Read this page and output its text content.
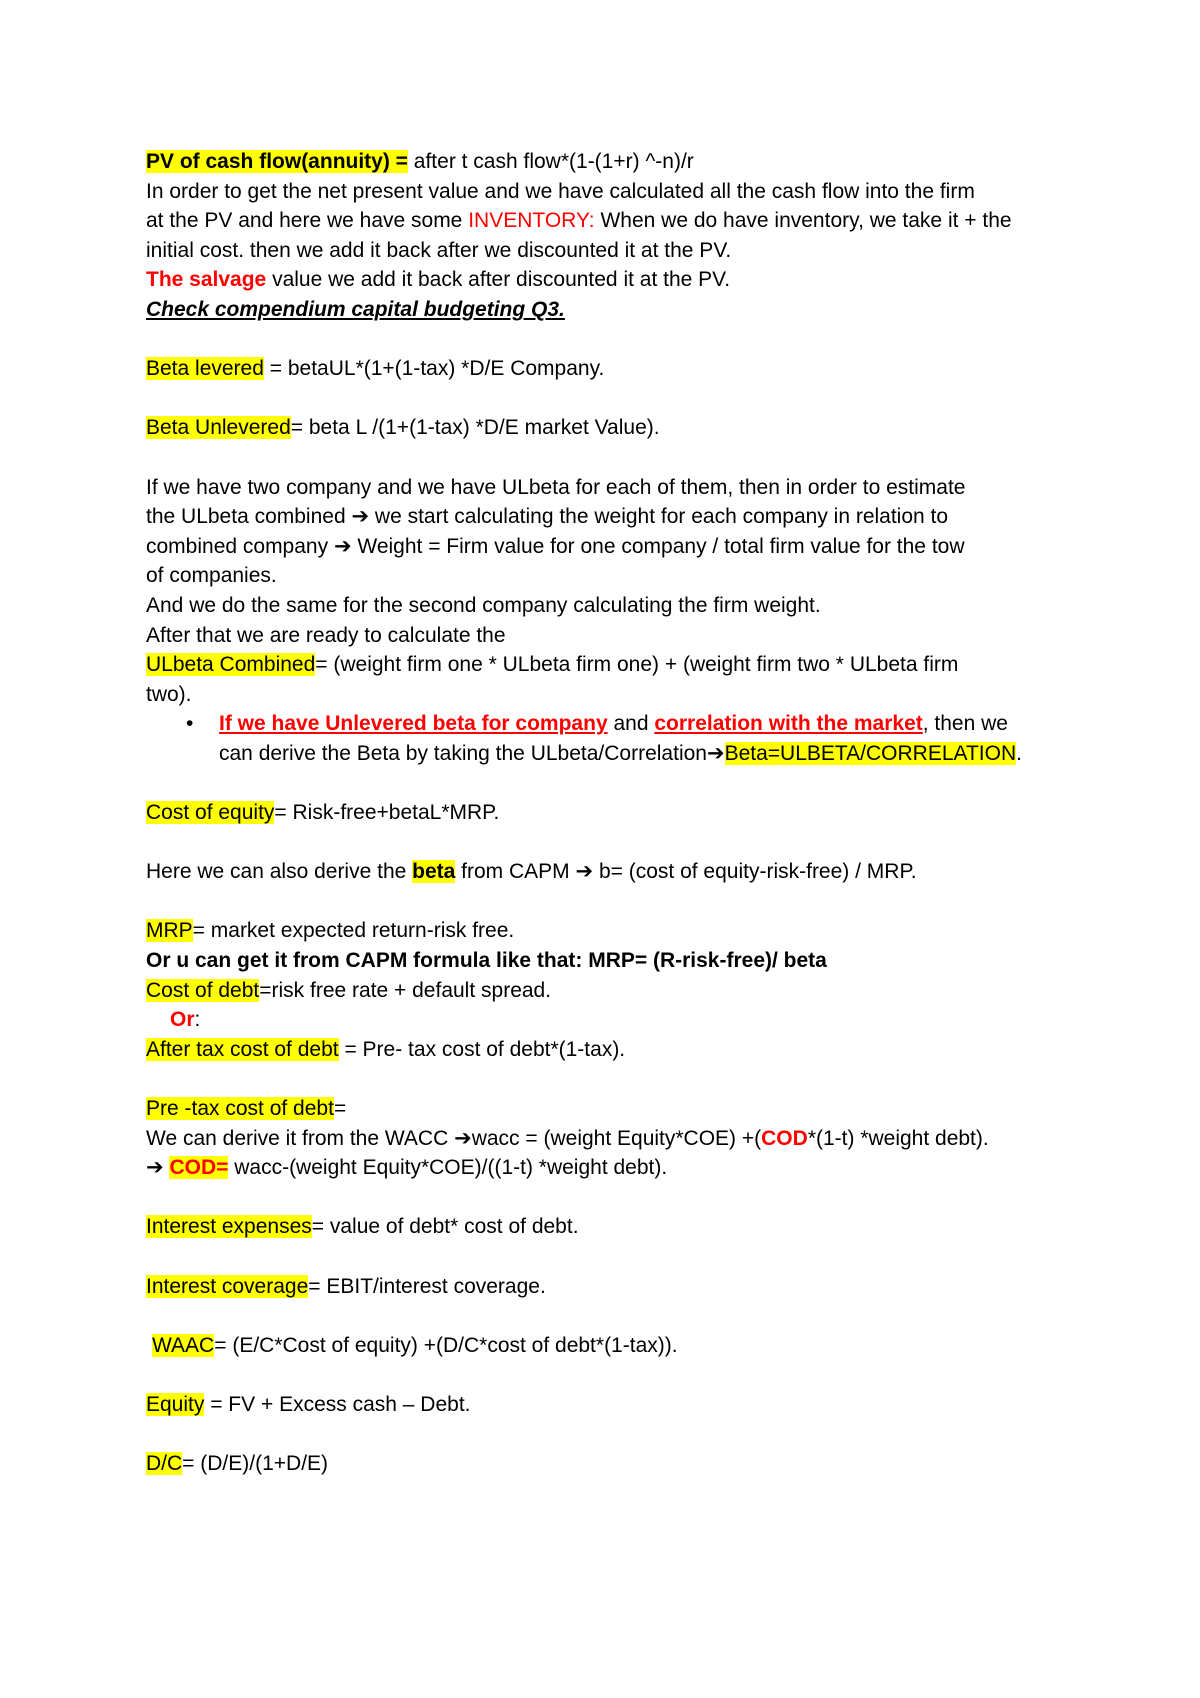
PV of cash flow(annuity) = after t cash flow*(1-(1+r) ^-n)/r

In order to get the net present value and we have calculated all the cash flow into the firm

at the PV and here we have some INVENTORY: When we do have inventory, we take it + the

initial cost. then we add it back after we discounted it at the PV.

The salvage value we add it back after discounted it at the PV.

Check compendium capital budgeting Q3.

Beta levered = betaUL*(1+(1-tax) *D/E Company.

Beta Unlevered= beta L /(1+(1-tax) *D/E market Value).

If we have two company and we have ULbeta for each of them, then in order to estimate

the ULbeta combined ➔ we start calculating the weight for each company in relation to

combined company ➔ Weight = Firm value for one company / total firm value for the tow

of companies.

And we do the same for the second company calculating the firm weight.

After that we are ready to calculate the

ULbeta Combined= (weight firm one * ULbeta firm one) + (weight firm two * ULbeta firm

two).

•	If we have Unlevered beta for company and correlation with the market, then we
can derive the Beta by taking the ULbeta/Correlation➔Beta=ULBETA/CORRELATION.

Cost of equity= Risk-free+betaL*MRP.

Here we can also derive the beta from CAPM ➔ b= (cost of equity-risk-free) / MRP.

MRP= market expected return-risk free.

Or u can get it from CAPM formula like that: MRP= (R-risk-free)/ beta

Cost of debt=risk free rate + default spread.

Or:

After tax cost of debt = Pre- tax cost of debt*(1-tax).

Pre -tax cost of debt=

We can derive it from the WACC ➔wacc = (weight Equity*COE) +(COD*(1-t) *weight debt).

➔ COD= wacc-(weight Equity*COE)/((1-t) *weight debt).

Interest expenses= value of debt* cost of debt.

Interest coverage= EBIT/interest coverage.

WAAC= (E/C*Cost of equity) +(D/C*cost of debt*(1-tax)).

Equity = FV + Excess cash – Debt.

D/C= (D/E)/(1+D/E)
